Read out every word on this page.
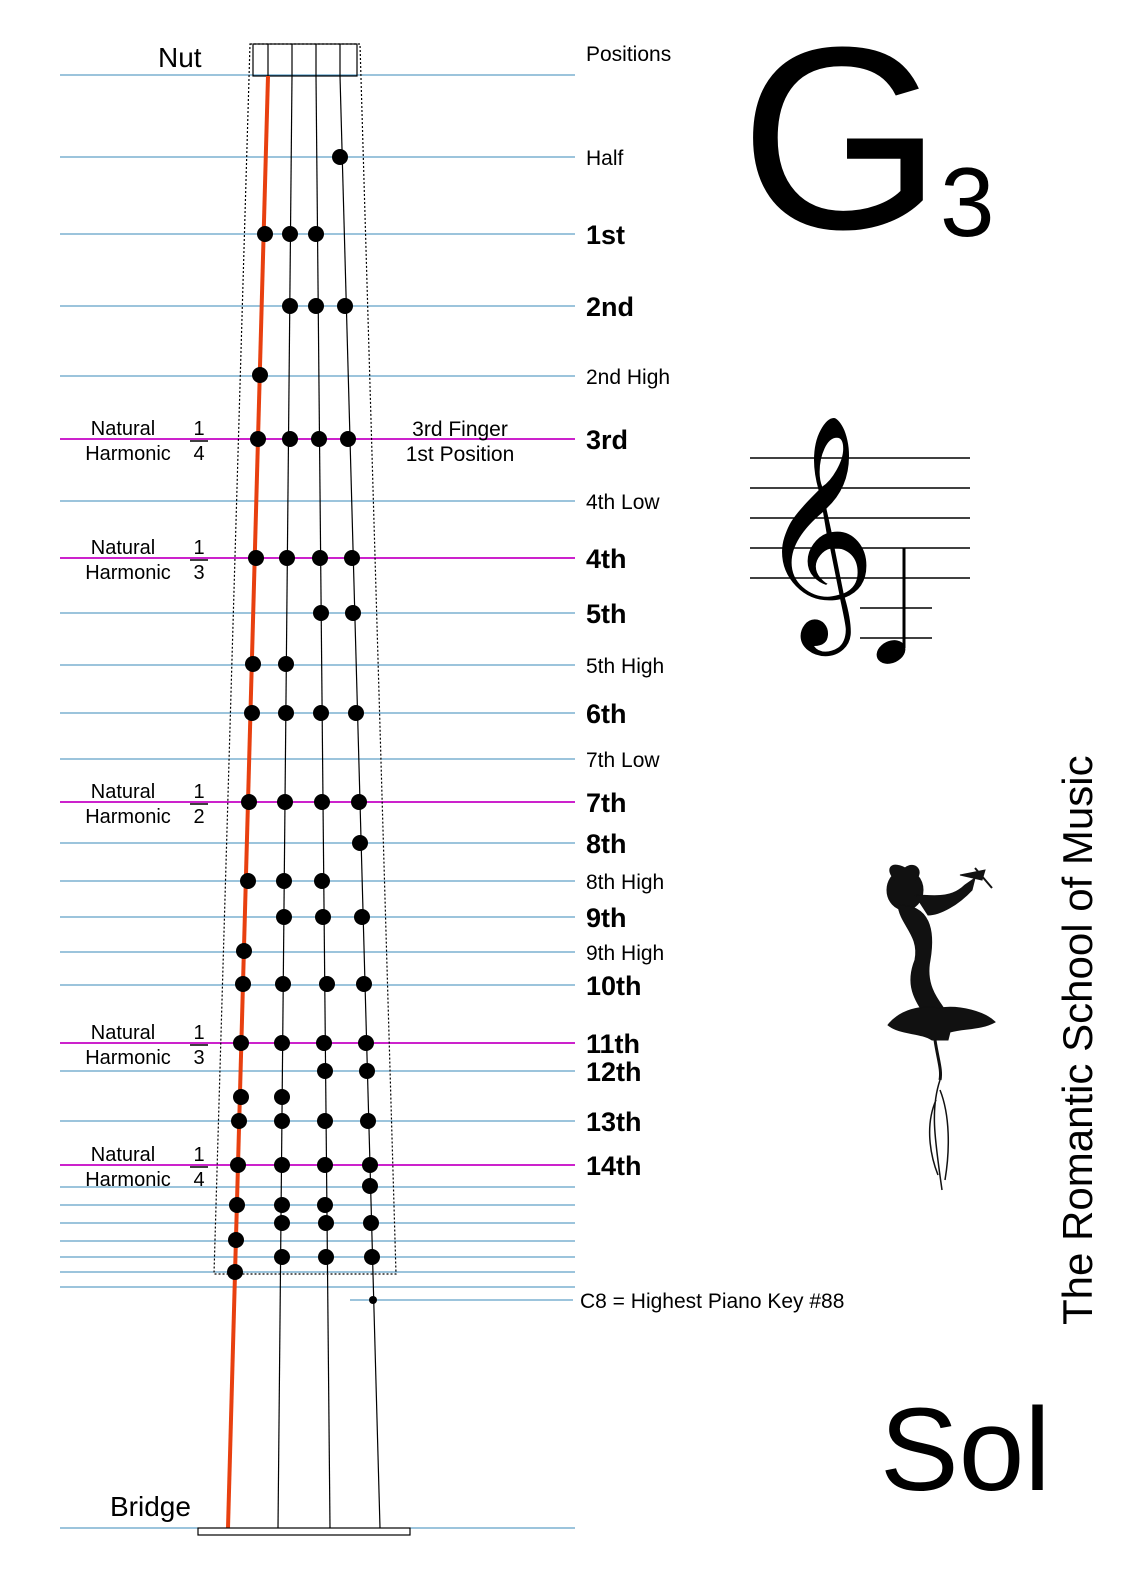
Half
1st
2nd
2nd High
3rd
4th Low
4th
5th
5th High
6th
7th Low
7th
8th
8th High
9th
9th High
10th
11th
12th
13th
14th
Natural
Harmonic
1
4
Natural
Harmonic
1
3
Natural
Harmonic
1
2
Natural
Harmonic
1
3
Natural
Harmonic
1
4
Nut
Bridge
Positions
3rd Finger
1st Position
C8 = Highest Piano Key #88
G
3
Sol
The Romantic School of Music
𝄞
